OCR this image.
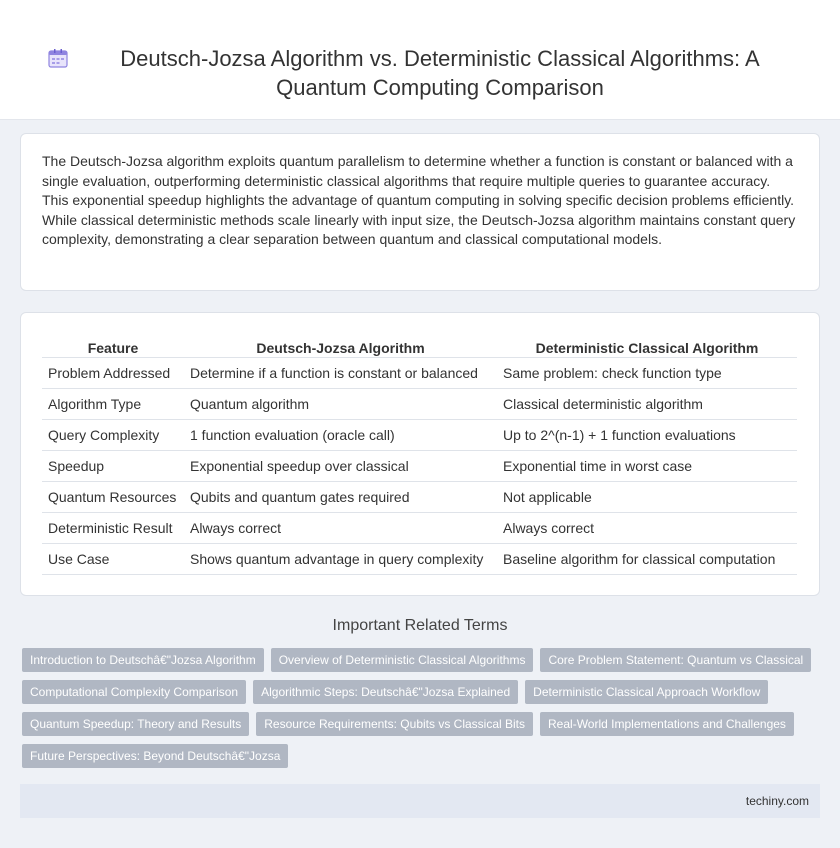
Deutsch-Jozsa Algorithm vs. Deterministic Classical Algorithms: A Quantum Computing Comparison

The Deutsch-Jozsa algorithm exploits quantum parallelism to determine whether a function is constant or balanced with a single evaluation, outperforming deterministic classical algorithms that require multiple queries to guarantee accuracy. This exponential speedup highlights the advantage of quantum computing in solving specific decision problems efficiently. While classical deterministic methods scale linearly with input size, the Deutsch-Jozsa algorithm maintains constant query complexity, demonstrating a clear separation between quantum and classical computational models.

Feature	Deutsch-Jozsa Algorithm	Deterministic Classical Algorithm
Problem Addressed	Determine if a function is constant or balanced	Same problem: check function type
Algorithm Type	Quantum algorithm	Classical deterministic algorithm
Query Complexity	1 function evaluation (oracle call)	Up to 2^(n-1) + 1 function evaluations
Speedup	Exponential speedup over classical	Exponential time in worst case
Quantum Resources	Qubits and quantum gates required	Not applicable
Deterministic Result	Always correct	Always correct
Use Case	Shows quantum advantage in query complexity	Baseline algorithm for classical computation
Important Related Terms
Introduction to Deutschâ€"Jozsa Algorithm	Overview of Deterministic Classical Algorithms	Core Problem Statement: Quantum vs Classical
Computational Complexity Comparison	Algorithmic Steps: Deutschâ€"Jozsa Explained	Deterministic Classical Approach Workflow
Quantum Speedup: Theory and Results	Resource Requirements: Qubits vs Classical Bits	Real-World Implementations and Challenges
Future Perspectives: Beyond Deutschâ€"Jozsa
techiny.com
